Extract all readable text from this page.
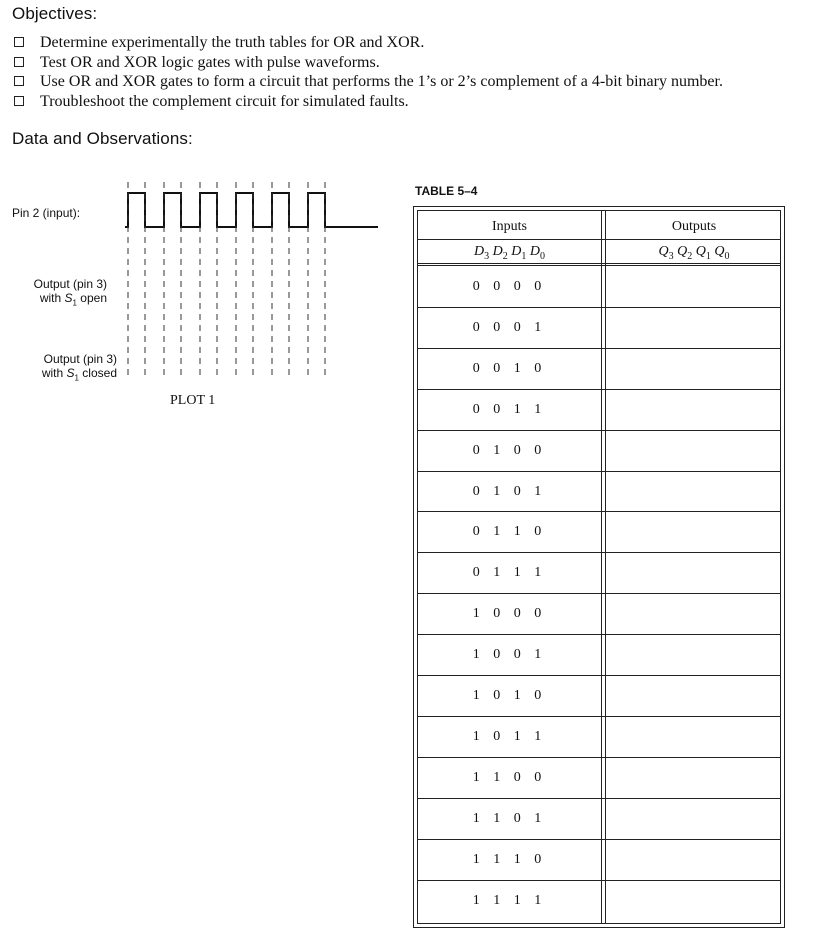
Objectives:
Determine experimentally the truth tables for OR and XOR.
Test OR and XOR logic gates with pulse waveforms.
Use OR and XOR gates to form a circuit that performs the 1’s or 2’s complement of a 4-bit binary number.
Troubleshoot the complement circuit for simulated faults.
Data and Observations:
Pin 2 (input):
Output (pin 3)
with $S_1$ open
Output (pin 3)
with $S_1$ closed
PLOT 1
TABLE 5–4
Inputs	Outputs
$D_3$ $D_2$ $D_1$ $D_0$	$Q_3$ $Q_2$ $Q_1$ $Q_0$
0 0 0 0
0 0 0 1
0 0 1 0
0 0 1 1
0 1 0 0
0 1 0 1
0 1 1 0
0 1 1 1
1 0 0 0
1 0 0 1
1 0 1 0
1 0 1 1
1 1 0 0
1 1 0 1
1 1 1 0
1 1 1 1
